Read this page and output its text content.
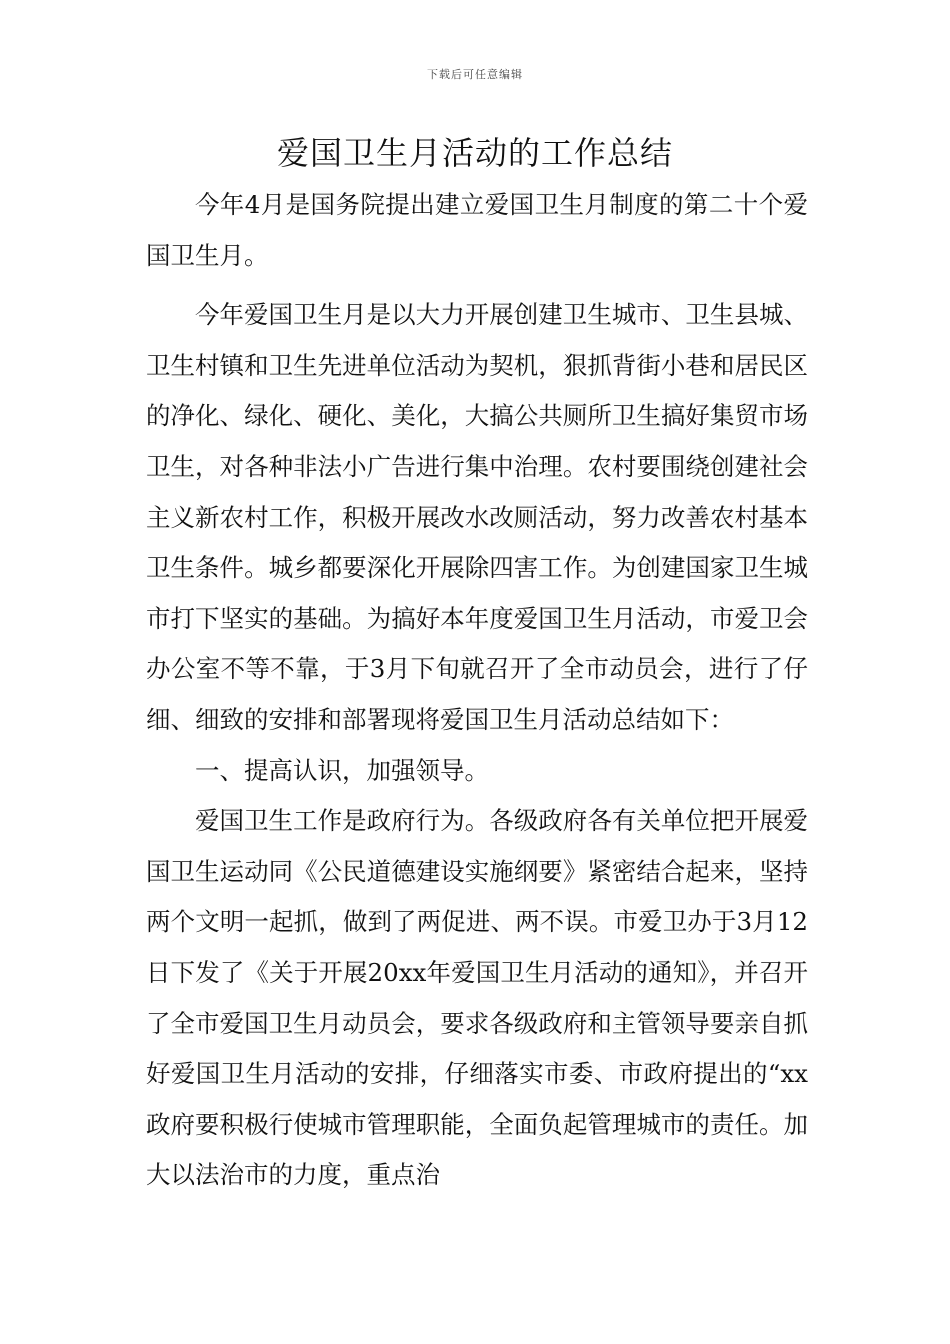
下载后可任意编辑
爱国卫生月活动的工作总结

今年4月是国务院提出建立爱国卫生月制度的第二十个爱国卫生月。

今年爱国卫生月是以大力开展创建卫生城市、卫生县城、卫生村镇和卫生先进单位活动为契机，狠抓背街小巷和居民区的净化、绿化、硬化、美化，大搞公共厕所卫生搞好集贸市场卫生，对各种非法小广告进行集中治理。农村要围绕创建社会主义新农村工作，积极开展改水改厕活动，努力改善农村基本卫生条件。城乡都要深化开展除四害工作。为创建国家卫生城市打下坚实的基础。为搞好本年度爱国卫生月活动，市爱卫会办公室不等不靠，于3月下旬就召开了全市动员会，进行了仔细、细致的安排和部署现将爱国卫生月活动总结如下：

一、提高认识，加强领导。

爱国卫生工作是政府行为。各级政府各有关单位把开展爱国卫生运动同《公民道德建设实施纲要》紧密结合起来，坚持两个文明一起抓，做到了两促进、两不误。市爱卫办于3月12日下发了《关于开展20xx年爱国卫生月活动的通知》，并召开了全市爱国卫生月动员会，要求各级政府和主管领导要亲自抓好爱国卫生月活动的安排，仔细落实市委、市政府提出的“xx政府要积极行使城市管理职能，全面负起管理城市的责任。加大以法治市的力度，重点治
